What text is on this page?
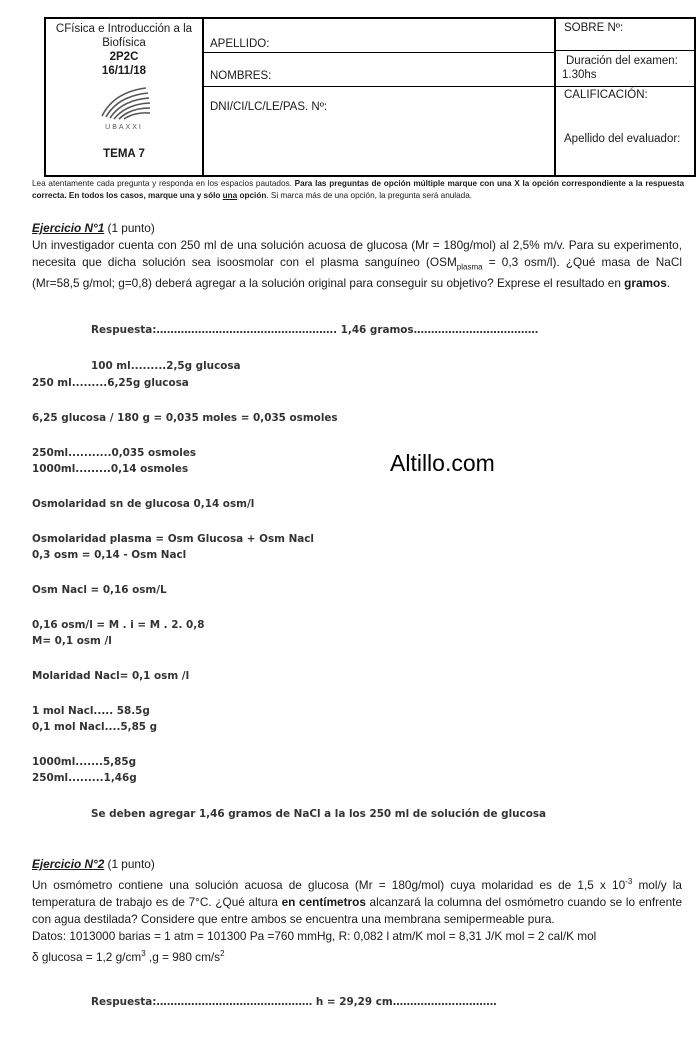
CFísica e Introducción a la Biofísica
2P2C
16/11/18
UBAXXI
TEMA 7
APELLIDO:
NOMBRES:
DNI/CI/LC/LE/PAS. Nº:
SOBRE Nº:
Duración del examen:
1.30hs
CALIFICACIÓN:
Apellido del evaluador:
Lea atentamente cada pregunta y responda en los espacios pautados. Para las preguntas de opción múltiple marque con una X la opción correspondiente a la respuesta correcta. En todos los casos, marque una y sólo una opción. Si marca más de una opción, la pregunta será anulada.
Ejercicio N°1 (1 punto)
Un investigador cuenta con 250 ml de una solución acuosa de glucosa (Mr = 180g/mol) al 2,5% m/v. Para su experimento, necesita que dicha solución sea isoosmolar con el plasma sanguíneo ($OSM_{plasma} = 0,3$ osm/l). ¿Qué masa de NaCl (Mr=58,5 g/mol; g=0,8) deberá agregar a la solución original para conseguir su objetivo? Exprese el resultado en gramos.
Respuesta:……………………………………………. 1,46 gramos………………………………
100 ml.........2,5g glucosa
250 ml.........6,25g glucosa
6,25 glucosa / 180 g = 0,035 moles = 0,035 osmoles
250ml...........0,035 osmoles
1000ml.........0,14 osmoles
Osmolaridad sn de glucosa 0,14 osm/l
Osmolaridad plasma = Osm Glucosa + Osm Nacl
0,3 osm = 0,14 - Osm Nacl
Osm Nacl = 0,16 osm/L
0,16 osm/l = M . i = M . 2. 0,8
M= 0,1 osm /l
Molaridad Nacl= 0,1 osm /l
1 mol Nacl..... 58.5g
0,1 mol Nacl....5,85 g
1000ml.......5,85g
250ml.........1,46g
Se deben agregar 1,46 gramos de NaCl a la los 250 ml de solución de glucosa
Altillo.com
Ejercicio N°2 (1 punto)
Un osmómetro contiene una solución acuosa de glucosa (Mr = 180g/mol) cuya molaridad es de 1,5 x $10^{-3}$ mol/y la temperatura de trabajo es de 7°C. ¿Qué altura en centímetros alcanzará la columna del osmómetro cuando se lo enfrente con agua destilada? Considere que entre ambos se encuentra una membrana semipermeable pura.
Datos: 1013000 barias = 1 atm = 101300 Pa =760 mmHg, R: 0,082 l atm/K mol = 8,31 J/K mol = 2 cal/K mol
δ glucosa = 1,2 $g/cm^3$ ,g = 980 $cm/s^2$
Respuesta:……………………………………… h = 29,29 cm…………………………
